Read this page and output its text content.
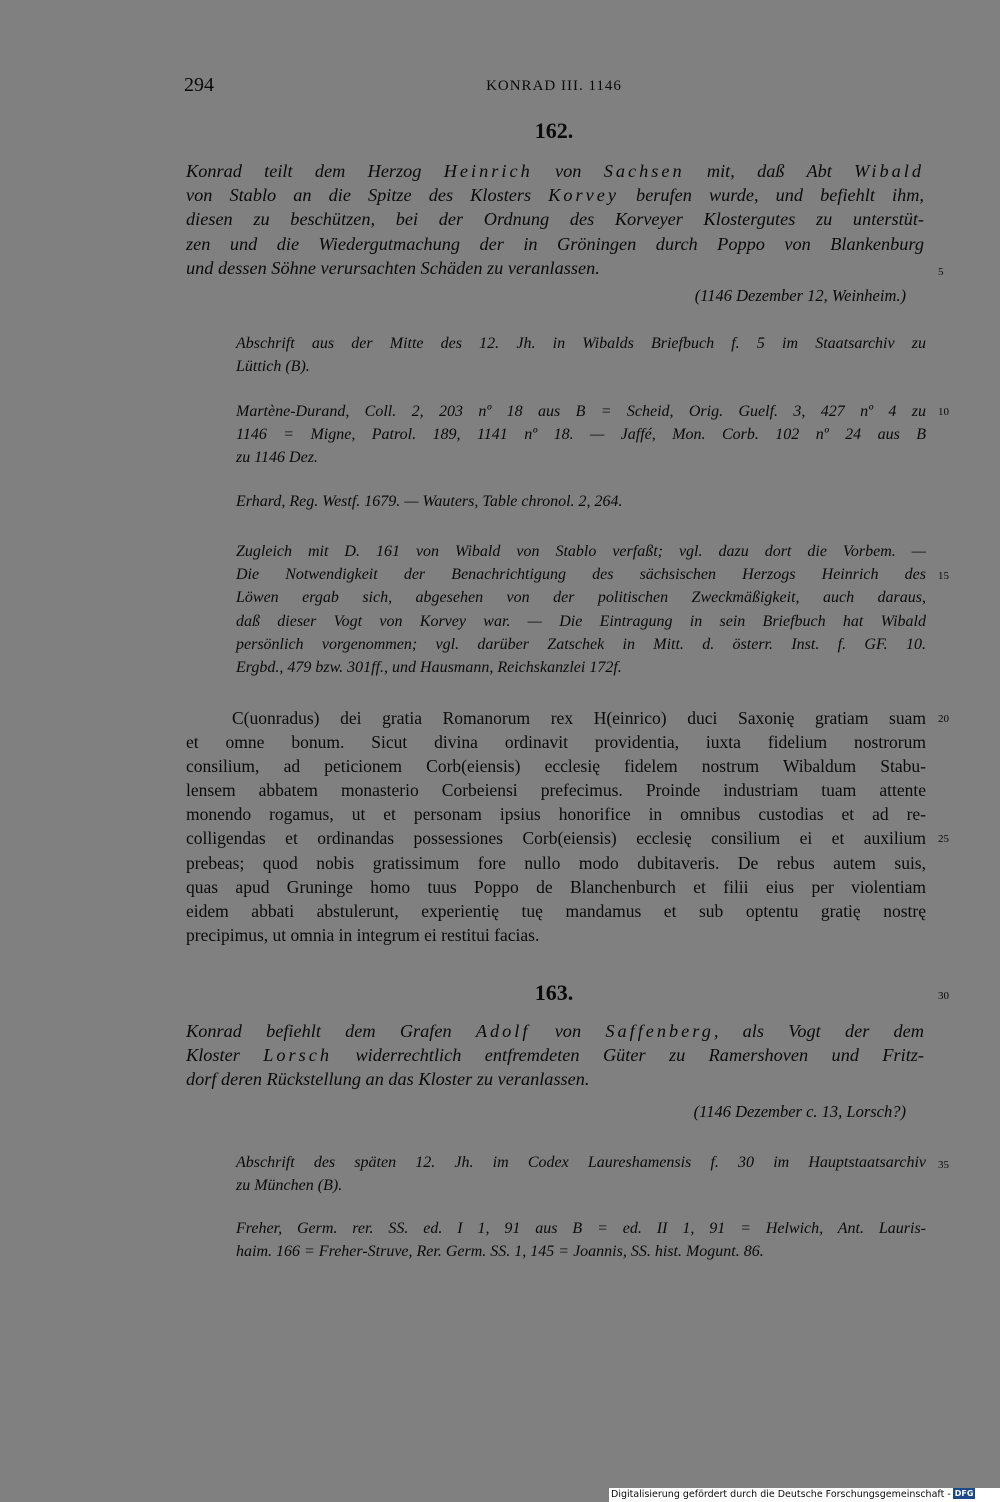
294	KONRAD III. 1146
162.
Konrad teilt dem Herzog Heinrich von Sachsen mit, daß Abt Wibald
von Stablo an die Spitze des Klosters Korvey berufen wurde, und befiehlt ihm,
diesen zu beschützen, bei der Ordnung des Korveyer Klostergutes zu unterstüt-
zen und die Wiedergutmachung der in Gröningen durch Poppo von Blankenburg
und dessen Söhne verursachten Schäden zu veranlassen.
(1146 Dezember 12, Weinheim.)
Abschrift aus der Mitte des 12. Jh. in Wibalds Briefbuch f. 5 im Staatsarchiv zu
Lüttich (B).
Martène-Durand, Coll. 2, 203 nº 18 aus B = Scheid, Orig. Guelf. 3, 427 nº 4 zu
1146 = Migne, Patrol. 189, 1141 nº 18. — Jaffé, Mon. Corb. 102 nº 24 aus B
zu 1146 Dez.
Erhard, Reg. Westf. 1679. — Wauters, Table chronol. 2, 264.
Zugleich mit D. 161 von Wibald von Stablo verfaßt; vgl. dazu dort die Vorbem. —
Die Notwendigkeit der Benachrichtigung des sächsischen Herzogs Heinrich des
Löwen ergab sich, abgesehen von der politischen Zweckmäßigkeit, auch daraus,
daß dieser Vogt von Korvey war. — Die Eintragung in sein Briefbuch hat Wibald
persönlich vorgenommen; vgl. darüber Zatschek in Mitt. d. österr. Inst. f. GF. 10.
Ergbd., 479 bzw. 301ff., und Hausmann, Reichskanzlei 172f.
C(uonradus) dei gratia Romanorum rex H(einrico) duci Saxonię gratiam suam
et omne bonum. Sicut divina ordinavit providentia, iuxta fidelium nostrorum
consilium, ad peticionem Corb(eiensis) ecclesię fidelem nostrum Wibaldum Stabu-
lensem abbatem monasterio Corbeiensi prefecimus. Proinde industriam tuam attente
monendo rogamus, ut et personam ipsius honorifice in omnibus custodias et ad re-
colligendas et ordinandas possessiones Corb(eiensis) ecclesię consilium ei et auxilium
prebeas; quod nobis gratissimum fore nullo modo dubitaveris. De rebus autem suis,
quas apud Gruninge homo tuus Poppo de Blanchenburch et filii eius per violentiam
eidem abbati abstulerunt, experientię tuę mandamus et sub optentu gratię nostrę
precipimus, ut omnia in integrum ei restitui facias.
163.
Konrad befiehlt dem Grafen Adolf von Saffenberg, als Vogt der dem
Kloster Lorsch widerrechtlich entfremdeten Güter zu Ramershoven und Fritz-
dorf deren Rückstellung an das Kloster zu veranlassen.
(1146 Dezember c. 13, Lorsch?)
Abschrift des späten 12. Jh. im Codex Laureshamensis f. 30 im Hauptstaatsarchiv
zu München (B).
Freher, Germ. rer. SS. ed. I 1, 91 aus B = ed. II 1, 91 = Helwich, Ant. Lauris-
haim. 166 = Freher-Struve, Rer. Germ. SS. 1, 145 = Joannis, SS. hist. Mogunt. 86.
5
10
15
20
25
30
35
Digitalisierung gefördert durch die Deutsche Forschungsgemeinschaft - DFG
